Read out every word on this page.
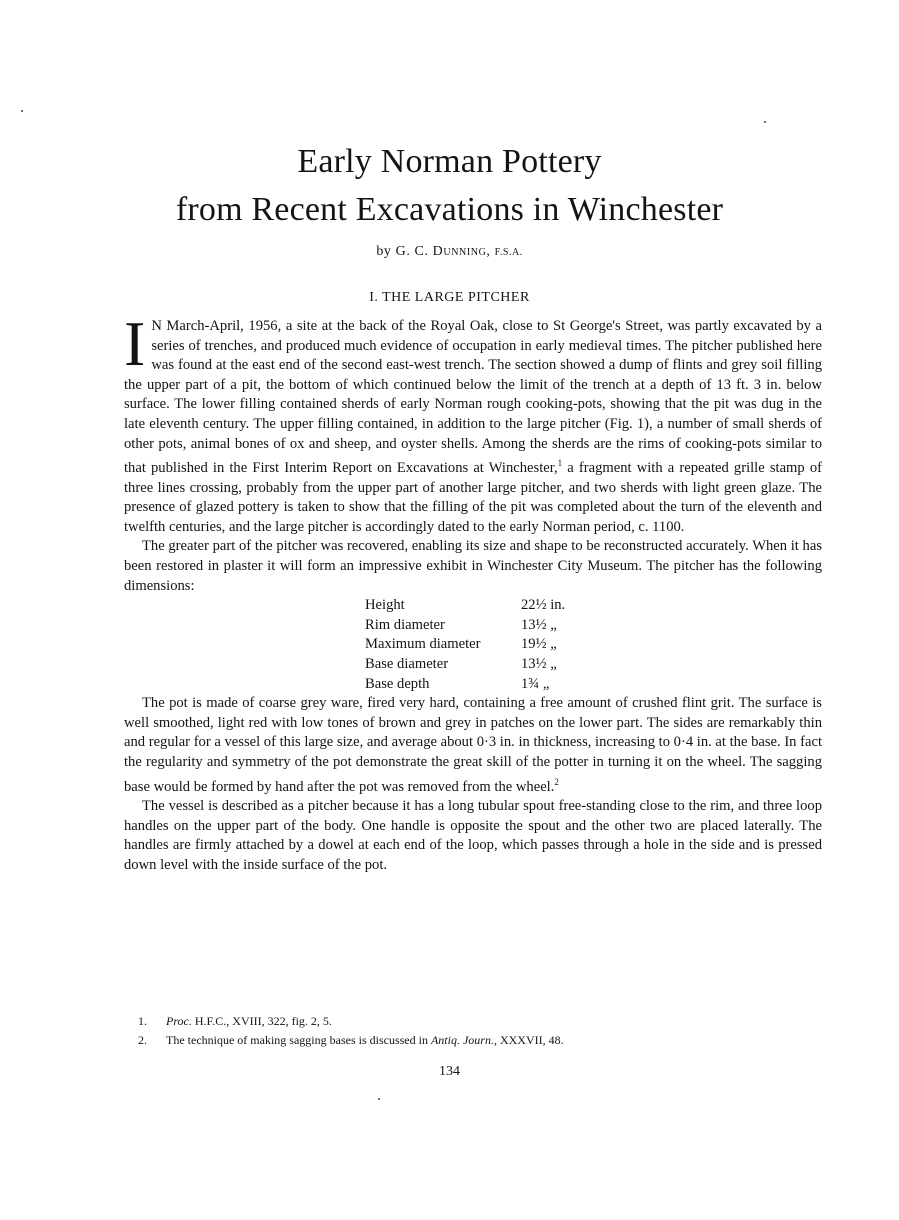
Early Norman Pottery
from Recent Excavations in Winchester
by G. C. Dunning, F.S.A.
I. THE LARGE PITCHER

I N March-April, 1956, a site at the back of the Royal Oak, close to St George's Street, was partly excavated by a series of trenches, and produced much evidence of occupation in early medieval times. The pitcher published here was found at the east end of the second east-west trench. The section showed a dump of flints and grey soil filling the upper part of a pit, the bottom of which continued below the limit of the trench at a depth of 13 ft. 3 in. below surface. The lower filling contained sherds of early Norman rough cooking-pots, showing that the pit was dug in the late eleventh century. The upper filling contained, in addition to the large pitcher (Fig. 1), a number of small sherds of other pots, animal bones of ox and sheep, and oyster shells. Among the sherds are the rims of cooking-pots similar to that published in the First Interim Report on Excavations at Winchester,$^1$ a fragment with a repeated grille stamp of three lines crossing, probably from the upper part of another large pitcher, and two sherds with light green glaze. The presence of glazed pottery is taken to show that the filling of the pit was completed about the turn of the eleventh and twelfth centuries, and the large pitcher is accordingly dated to the early Norman period, c. 1100.

The greater part of the pitcher was recovered, enabling its size and shape to be reconstructed accurately. When it has been restored in plaster it will form an impressive exhibit in Winchester City Museum. The pitcher has the following dimensions:

Height	22½ in.
Rim diameter	13½ „
Maximum diameter	19½ „
Base diameter	13½ „
Base depth	1¾ „

The pot is made of coarse grey ware, fired very hard, containing a free amount of crushed flint grit. The surface is well smoothed, light red with low tones of brown and grey in patches on the lower part. The sides are remarkably thin and regular for a vessel of this large size, and average about 0·3 in. in thickness, increasing to 0·4 in. at the base. In fact the regularity and symmetry of the pot demonstrate the great skill of the potter in turning it on the wheel. The sagging base would be formed by hand after the pot was removed from the wheel.$^2$

The vessel is described as a pitcher because it has a long tubular spout free-standing close to the rim, and three loop handles on the upper part of the body. One handle is opposite the spout and the other two are placed laterally. The handles are firmly attached by a dowel at each end of the loop, which passes through a hole in the side and is pressed down level with the inside surface of the pot.

1. Proc. H.F.C., XVIII, 322, fig. 2, 5.
2. The technique of making sagging bases is discussed in Antiq. Journ., XXXVII, 48.
134
